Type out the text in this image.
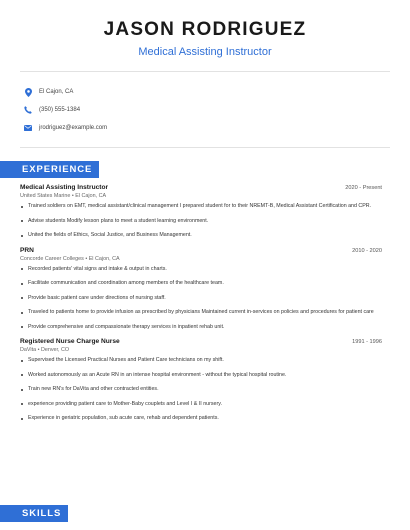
JASON RODRIGUEZ
Medical Assisting Instructor
El Cajon, CA
(350) 555-1384
jrodriguez@example.com
EXPERIENCE
Medical Assisting Instructor	2020 - Present
United States Marine • El Cajon, CA
Trained soldiers on EMT, medical assistant/clinical management I prepared student for to their NREMT-B, Medical Assistant Certification and CPR.
Advise students Modify lesson plans to meet a student learning environment.
United the fields of Ethics, Social Justice, and Business Management.
PRN	2010 - 2020
Concorde Career Colleges • El Cajon, CA
Recorded patients' vital signs and intake & output in charts.
Facilitate communication and coordination among members of the healthcare team.
Provide basic patient care under directions of nursing staff.
Traveled to patients home to provide infusion as prescribed by physicians Maintained current in-services on policies and procedures for patient care
Provide comprehensive and compassionate therapy services in inpatient rehab unit.
Registered Nurse Charge Nurse	1991 - 1996
DaVita • Denver, CO
Supervised the Licensed Practical Nurses and Patient Care technicians on my shift.
Worked autonomously as an Acute RN in an intense hospital environment - without the typical hospital routine.
Train new RN's for DaVita and other contracted entities.
experience providing patient care to Mother-Baby couplets and Level I & II nursery.
Experience in geriatric population, sub acute care, rehab and dependent patients.
SKILLS
